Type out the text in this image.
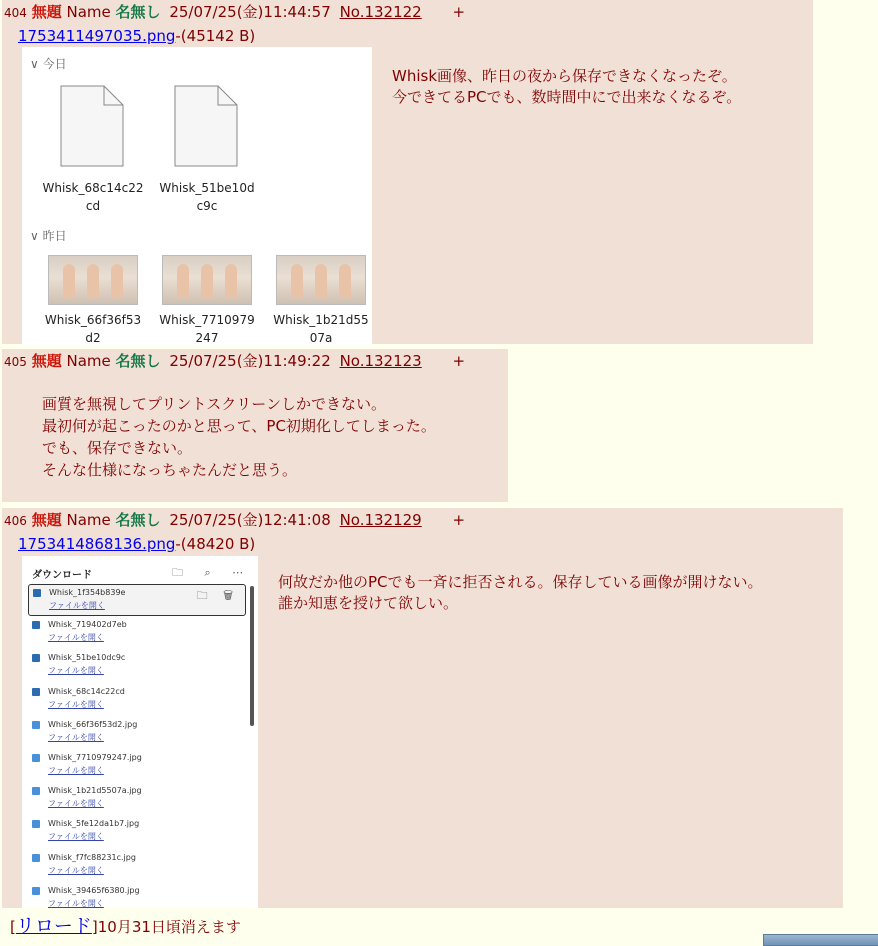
404 無題 Name 名無し 25/07/25(金)11:44:57 No.132122 +
1753411497035.png-(45142 B)
∨ 今日
Whisk_68c14c22
cd
Whisk_51be10d
c9c
∨ 昨日
Whisk_66f36f53
d2
Whisk_7710979
247
Whisk_1b21d55
07a
Whisk画像、昨日の夜から保存できなくなったぞ。
今できてるPCでも、数時間中にで出来なくなるぞ。
405 無題 Name 名無し 25/07/25(金)11:49:22 No.132123 +
画質を無視してプリントスクリーンしかできない。
最初何が起こったのかと思って、PC初期化してしまった。
でも、保存できない。
そんな仕様になっちゃたんだと思う。
406 無題 Name 名無し 25/07/25(金)12:41:08 No.132129 +
1753414868136.png-(48420 B)
何故だか他のPCでも一斉に拒否される。保存している画像が開けない。
誰か知恵を授けて欲しい。
ダウンロード	🗀 ⌕ ⋯
Whisk_1f354b839e
ファイルを開く
🗀 🗑
Whisk_719402d7eb
ファイルを開く
Whisk_51be10dc9c
ファイルを開く
Whisk_68c14c22cd
ファイルを開く
Whisk_66f36f53d2.jpg
ファイルを開く
Whisk_7710979247.jpg
ファイルを開く
Whisk_1b21d5507a.jpg
ファイルを開く
Whisk_5fe12da1b7.jpg
ファイルを開く
Whisk_f7fc88231c.jpg
ファイルを開く
Whisk_39465f6380.jpg
ファイルを開く
[リロード]10月31日頃消えます
